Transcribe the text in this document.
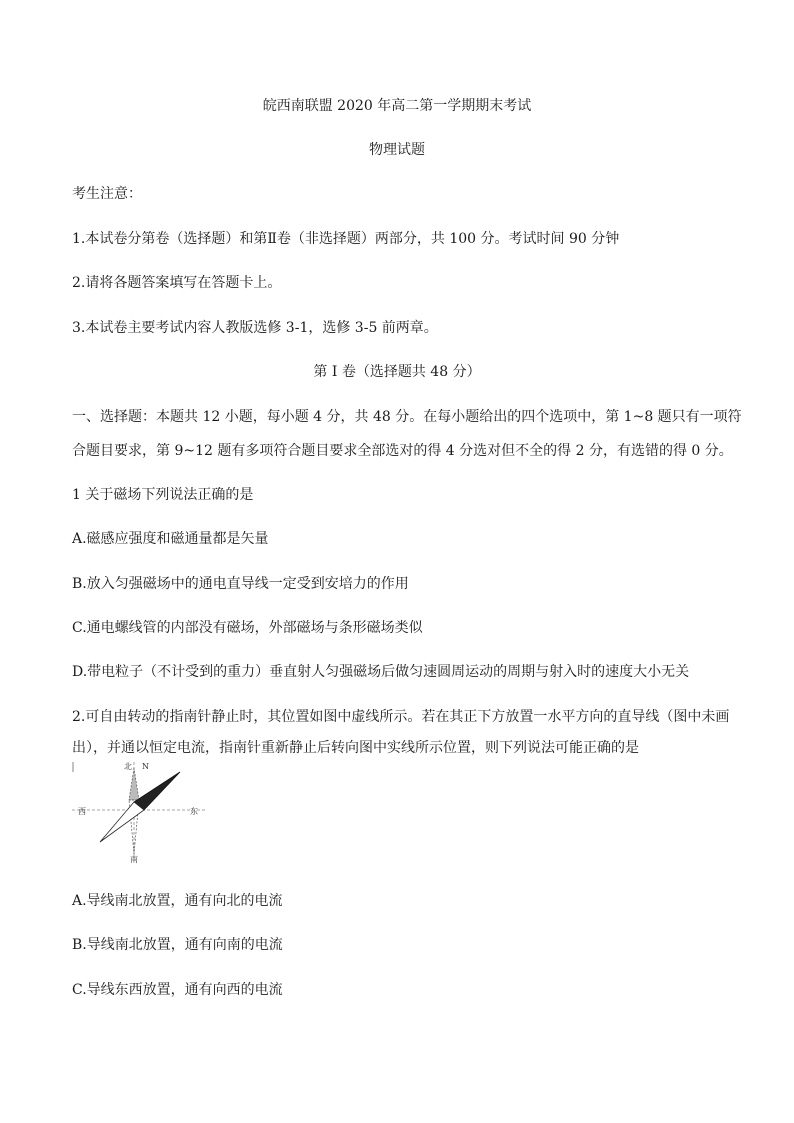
皖西南联盟 2020 年高二第一学期期末考试
物理试题
考生注意：
1.本试卷分第卷（选择题）和第Ⅱ卷（非选择题）两部分，共 100 分。考试时间 90 分钟
2.请将各题答案填写在答题卡上。
3.本试卷主要考试内容人教版选修 3-1，选修 3-5 前两章。
第 I 卷（选择题共 48 分）
一、选择题：本题共 12 小题，每小题 4 分，共 48 分。在每小题给出的四个选项中，第 1~8 题只有一项符
合题目要求，第 9~12 题有多项符合题目要求全部选对的得 4 分选对但不全的得 2 分，有选错的得 0 分。
1 关于磁场下列说法正确的是
A.磁感应强度和磁通量都是矢量
B.放入匀强磁场中的通电直导线一定受到安培力的作用
C.通电螺线管的内部没有磁场，外部磁场与条形磁场类似
D.带电粒子（不计受到的重力）垂直射人匀强磁场后做匀速圆周运动的周期与射入时的速度大小无关
2.可自由转动的指南针静止时，其位置如图中虚线所示。若在其正下方放置一水平方向的直导线（图中未画
出），并通以恒定电流，指南针重新静止后转向图中实线所示位置，则下列说法可能正确的是
北 N
西	东
南
A.导线南北放置，通有向北的电流
B.导线南北放置，通有向南的电流
C.导线东西放置，通有向西的电流
